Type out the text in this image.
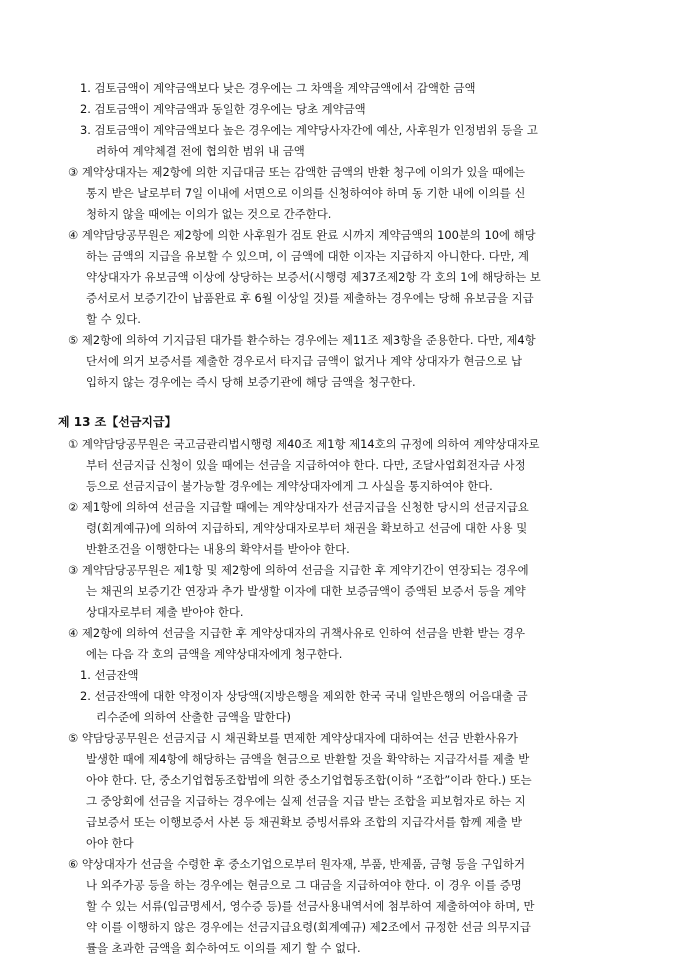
1. 검토금액이 계약금액보다 낮은 경우에는 그 차액을 계약금액에서 감액한 금액
2. 검토금액이 계약금액과 동일한 경우에는 당초 계약금액
3. 검토금액이 계약금액보다 높은 경우에는 계약당사자간에 예산, 사후원가 인정범위 등을 고
려하여 계약체결 전에 협의한 범위 내 금액
③ 계약상대자는 제2항에 의한 지급대금 또는 감액한 금액의 반환 청구에 이의가 있을 때에는
통지 받은 날로부터 7일 이내에 서면으로 이의를 신청하여야 하며 동 기한 내에 이의를 신
청하지 않을 때에는 이의가 없는 것으로 간주한다.
④ 계약담당공무원은 제2항에 의한 사후원가 검토 완료 시까지 계약금액의 100분의 10에 해당
하는 금액의 지급을 유보할 수 있으며, 이 금액에 대한 이자는 지급하지 아니한다. 다만, 계
약상대자가 유보금액 이상에 상당하는 보증서(시행령 제37조제2항 각 호의 1에 해당하는 보
증서로서 보증기간이 납품완료 후 6월 이상일 것)를 제출하는 경우에는 당해 유보금을 지급
할 수 있다.
⑤ 제2항에 의하여 기지급된 대가를 환수하는 경우에는 제11조 제3항을 준용한다. 다만, 제4항
단서에 의거 보증서를 제출한 경우로서 타지급 금액이 없거나 계약 상대자가 현금으로 납
입하지 않는 경우에는 즉시 당해 보증기관에 해당 금액을 청구한다.
제 13 조【선금지급】
① 계약담당공무원은 국고금관리법시행령 제40조 제1항 제14호의 규정에 의하여 계약상대자로
부터 선금지급 신청이 있을 때에는 선금을 지급하여야 한다. 다만, 조달사업회전자금 사정
등으로 선금지급이 불가능할 경우에는 계약상대자에게 그 사실을 통지하여야 한다.
② 제1항에 의하여 선금을 지급할 때에는 계약상대자가 선금지급을 신청한 당시의 선금지급요
령(회계예규)에 의하여 지급하되, 계약상대자로부터 채권을 확보하고 선금에 대한 사용 및
반환조건을 이행한다는 내용의 확약서를 받아야 한다.
③ 계약담당공무원은 제1항 및 제2항에 의하여 선금을 지급한 후 계약기간이 연장되는 경우에
는 채권의 보증기간 연장과 추가 발생할 이자에 대한 보증금액이 증액된 보증서 등을 계약
상대자로부터 제출 받아야 한다.
④ 제2항에 의하여 선금을 지급한 후 계약상대자의 귀책사유로 인하여 선금을 반환 받는 경우
에는 다음 각 호의 금액을 계약상대자에게 청구한다.
1. 선금잔액
2. 선금잔액에 대한 약정이자 상당액(지방은행을 제외한 한국 국내 일반은행의 어음대출 금
리수준에 의하여 산출한 금액을 말한다)
⑤ 약담당공무원은 선금지급 시 채권확보를 면제한 계약상대자에 대하여는 선금 반환사유가
발생한 때에 제4항에 해당하는 금액을 현금으로 반환할 것을 확약하는 지급각서를 제출 받
아야 한다. 단, 중소기업협동조합법에 의한 중소기업협동조합(이하 “조합”이라 한다.) 또는
그 중앙회에 선금을 지급하는 경우에는 실제 선금을 지급 받는 조합을 피보험자로 하는 지
급보증서 또는 이행보증서 사본 등 채권확보 증빙서류와 조합의 지급각서를 함께 제출 받
아야 한다
⑥ 약상대자가 선금을 수령한 후 중소기업으로부터 원자재, 부품, 반제품, 금형 등을 구입하거
나 외주가공 등을 하는 경우에는 현금으로 그 대금을 지급하여야 한다. 이 경우 이를 증명
할 수 있는 서류(입금명세서, 영수증 등)를 선금사용내역서에 첨부하여 제출하여야 하며, 만
약 이를 이행하지 않은 경우에는 선금지급요령(회계예규) 제2조에서 규정한 선금 의무지급
률을 초과한 금액을 회수하여도 이의를 제기 할 수 없다.
